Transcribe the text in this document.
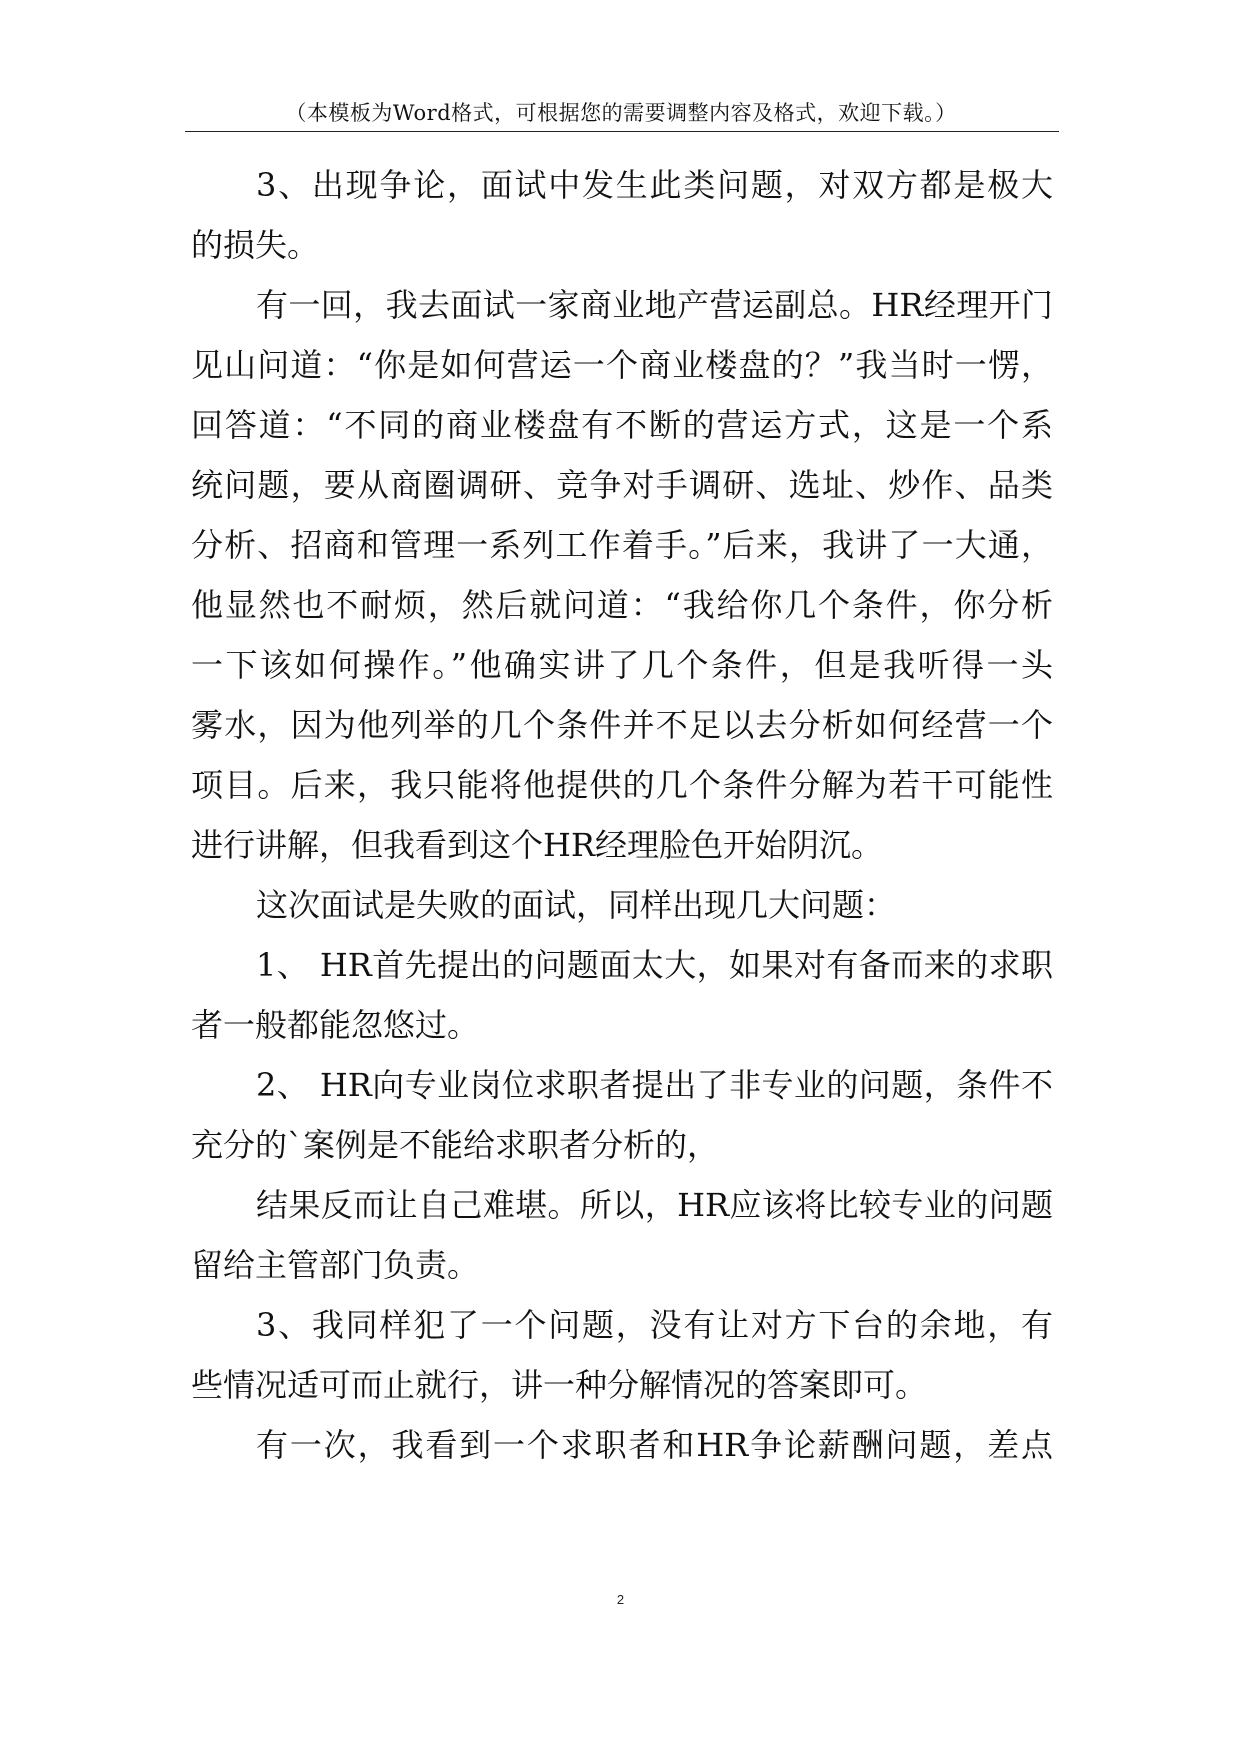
（本模板为Word格式，可根据您的需要调整内容及格式，欢迎下载。）
3、出现争论，面试中发生此类问题，对双方都是极大
的损失。
有一回，我去面试一家商业地产营运副总。HR经理开门
见山问道：“你是如何营运一个商业楼盘的？”我当时一愣，
回答道：“不同的商业楼盘有不断的营运方式，这是一个系
统问题，要从商圈调研、竞争对手调研、选址、炒作、品类
分析、招商和管理一系列工作着手。”后来，我讲了一大通，
他显然也不耐烦，然后就问道：“我给你几个条件，你分析
一下该如何操作。”他确实讲了几个条件，但是我听得一头
雾水，因为他列举的几个条件并不足以去分析如何经营一个
项目。后来，我只能将他提供的几个条件分解为若干可能性
进行讲解，但我看到这个HR经理脸色开始阴沉。
这次面试是失败的面试，同样出现几大问题：
1、 HR首先提出的问题面太大，如果对有备而来的求职
者一般都能忽悠过。
2、 HR向专业岗位求职者提出了非专业的问题，条件不
充分的`案例是不能给求职者分析的，
结果反而让自己难堪。所以，HR应该将比较专业的问题
留给主管部门负责。
3、我同样犯了一个问题，没有让对方下台的余地，有
些情况适可而止就行，讲一种分解情况的答案即可。
有一次，我看到一个求职者和HR争论薪酬问题，差点
2
